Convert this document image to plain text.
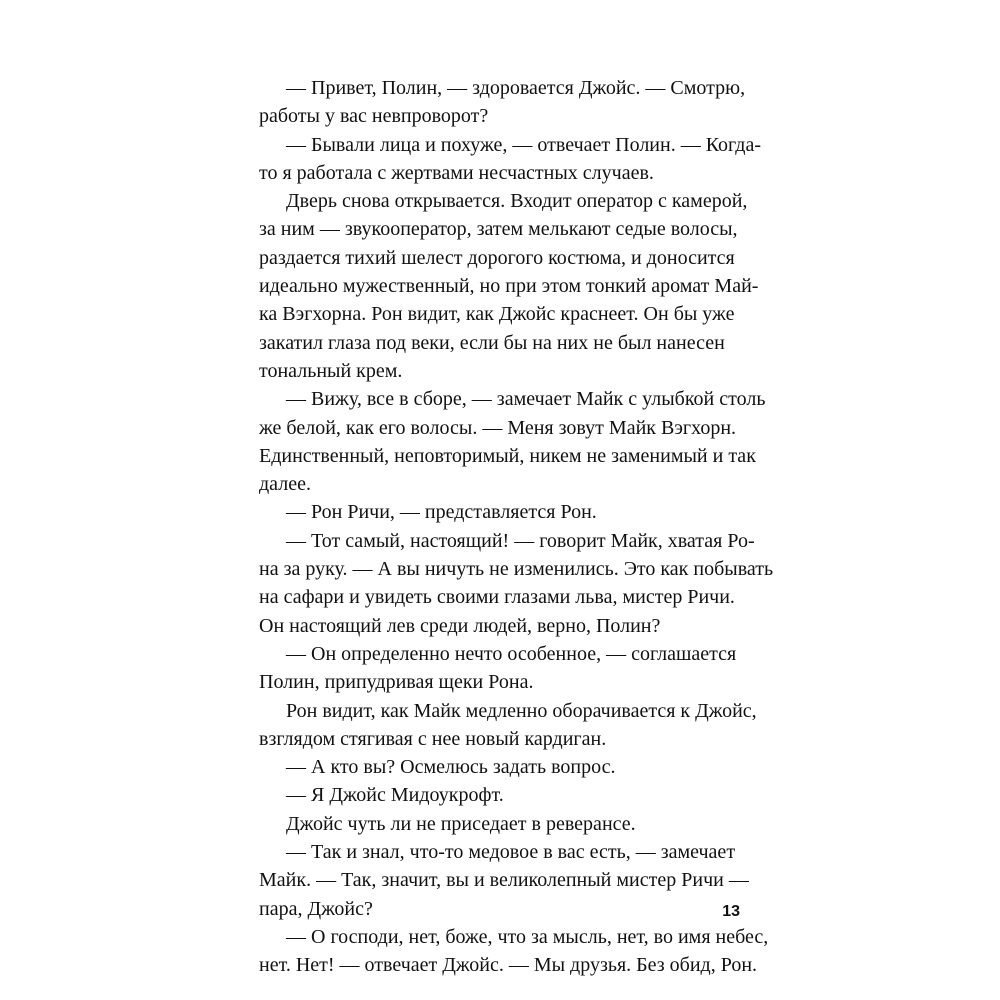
— Привет, Полин, — здоровается Джойс. — Смотрю,
работы у вас невпроворот?
— Бывали лица и похуже, — отвечает Полин. — Когда-
то я работала с жертвами несчастных случаев.
Дверь снова открывается. Входит оператор с камерой,
за ним — звукооператор, затем мелькают седые волосы,
раздается тихий шелест дорогого костюма, и доносится
идеально мужественный, но при этом тонкий аромат Май-
ка Вэгхорна. Рон видит, как Джойс краснеет. Он бы уже
закатил глаза под веки, если бы на них не был нанесен
тональный крем.
— Вижу, все в сборе, — замечает Майк с улыбкой столь
же белой, как его волосы. — Меня зовут Майк Вэгхорн.
Единственный, неповторимый, никем не заменимый и так
далее.
— Рон Ричи, — представляется Рон.
— Тот самый, настоящий! — говорит Майк, хватая Ро-
на за руку. — А вы ничуть не изменились. Это как побывать
на сафари и увидеть своими глазами льва, мистер Ричи.
Он настоящий лев среди людей, верно, Полин?
— Он определенно нечто особенное, — соглашается
Полин, припудривая щеки Рона.
Рон видит, как Майк медленно оборачивается к Джойс,
взглядом стягивая с нее новый кардиган.
— А кто вы? Осмелюсь задать вопрос.
— Я Джойс Мидоукрофт.
Джойс чуть ли не приседает в реверансе.
— Так и знал, что-то медовое в вас есть, — замечает
Майк. — Так, значит, вы и великолепный мистер Ричи —
пара, Джойс?
— О господи, нет, боже, что за мысль, нет, во имя небес,
нет. Нет! — отвечает Джойс. — Мы друзья. Без обид, Рон.
13
